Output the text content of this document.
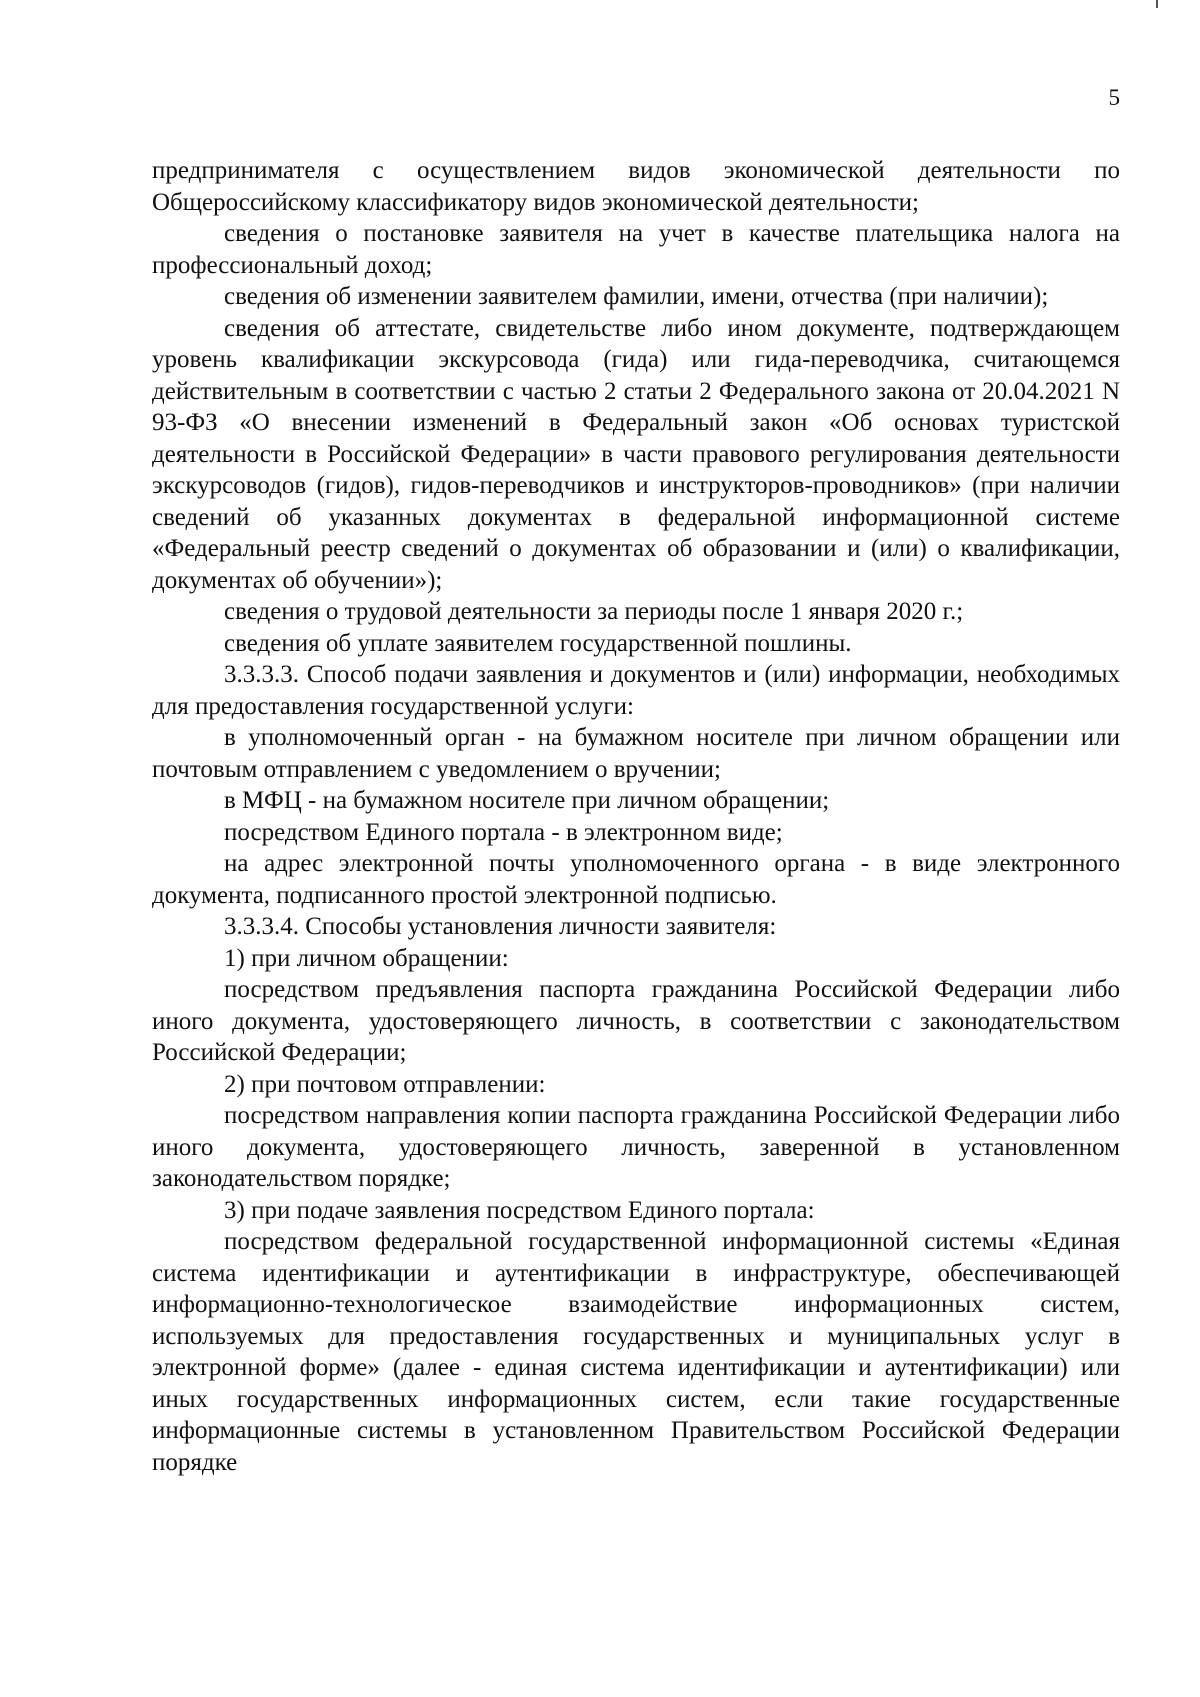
5

предпринимателя с осуществлением видов экономической деятельности по Общероссийскому классификатору видов экономической деятельности;

сведения о постановке заявителя на учет в качестве плательщика налога на профессиональный доход;

сведения об изменении заявителем фамилии, имени, отчества (при наличии);

сведения об аттестате, свидетельстве либо ином документе, подтверждающем уровень квалификации экскурсовода (гида) или гида-переводчика, считающемся действительным в соответствии с частью 2 статьи 2 Федерального закона от 20.04.2021 N 93-ФЗ «О внесении изменений в Федеральный закон «Об основах туристской деятельности в Российской Федерации» в части правового регулирования деятельности экскурсоводов (гидов), гидов-переводчиков и инструкторов-проводников» (при наличии сведений об указанных документах в федеральной информационной системе «Федеральный реестр сведений о документах об образовании и (или) о квалификации, документах об обучении»);

сведения о трудовой деятельности за периоды после 1 января 2020 г.;

сведения об уплате заявителем государственной пошлины.

3.3.3.3. Способ подачи заявления и документов и (или) информации, необходимых для предоставления государственной услуги:

в уполномоченный орган - на бумажном носителе при личном обращении или почтовым отправлением с уведомлением о вручении;

в МФЦ - на бумажном носителе при личном обращении;

посредством Единого портала - в электронном виде;

на адрес электронной почты уполномоченного органа - в виде электронного документа, подписанного простой электронной подписью.

3.3.3.4. Способы установления личности заявителя:

1) при личном обращении:

посредством предъявления паспорта гражданина Российской Федерации либо иного документа, удостоверяющего личность, в соответствии с законодательством Российской Федерации;

2) при почтовом отправлении:

посредством направления копии паспорта гражданина Российской Федерации либо иного документа, удостоверяющего личность, заверенной в установленном законодательством порядке;

3) при подаче заявления посредством Единого портала:

посредством федеральной государственной информационной системы «Единая система идентификации и аутентификации в инфраструктуре, обеспечивающей информационно-технологическое взаимодействие информационных систем, используемых для предоставления государственных и муниципальных услуг в электронной форме» (далее - единая система идентификации и аутентификации) или иных государственных информационных систем, если такие государственные информационные системы в установленном Правительством Российской Федерации порядке
